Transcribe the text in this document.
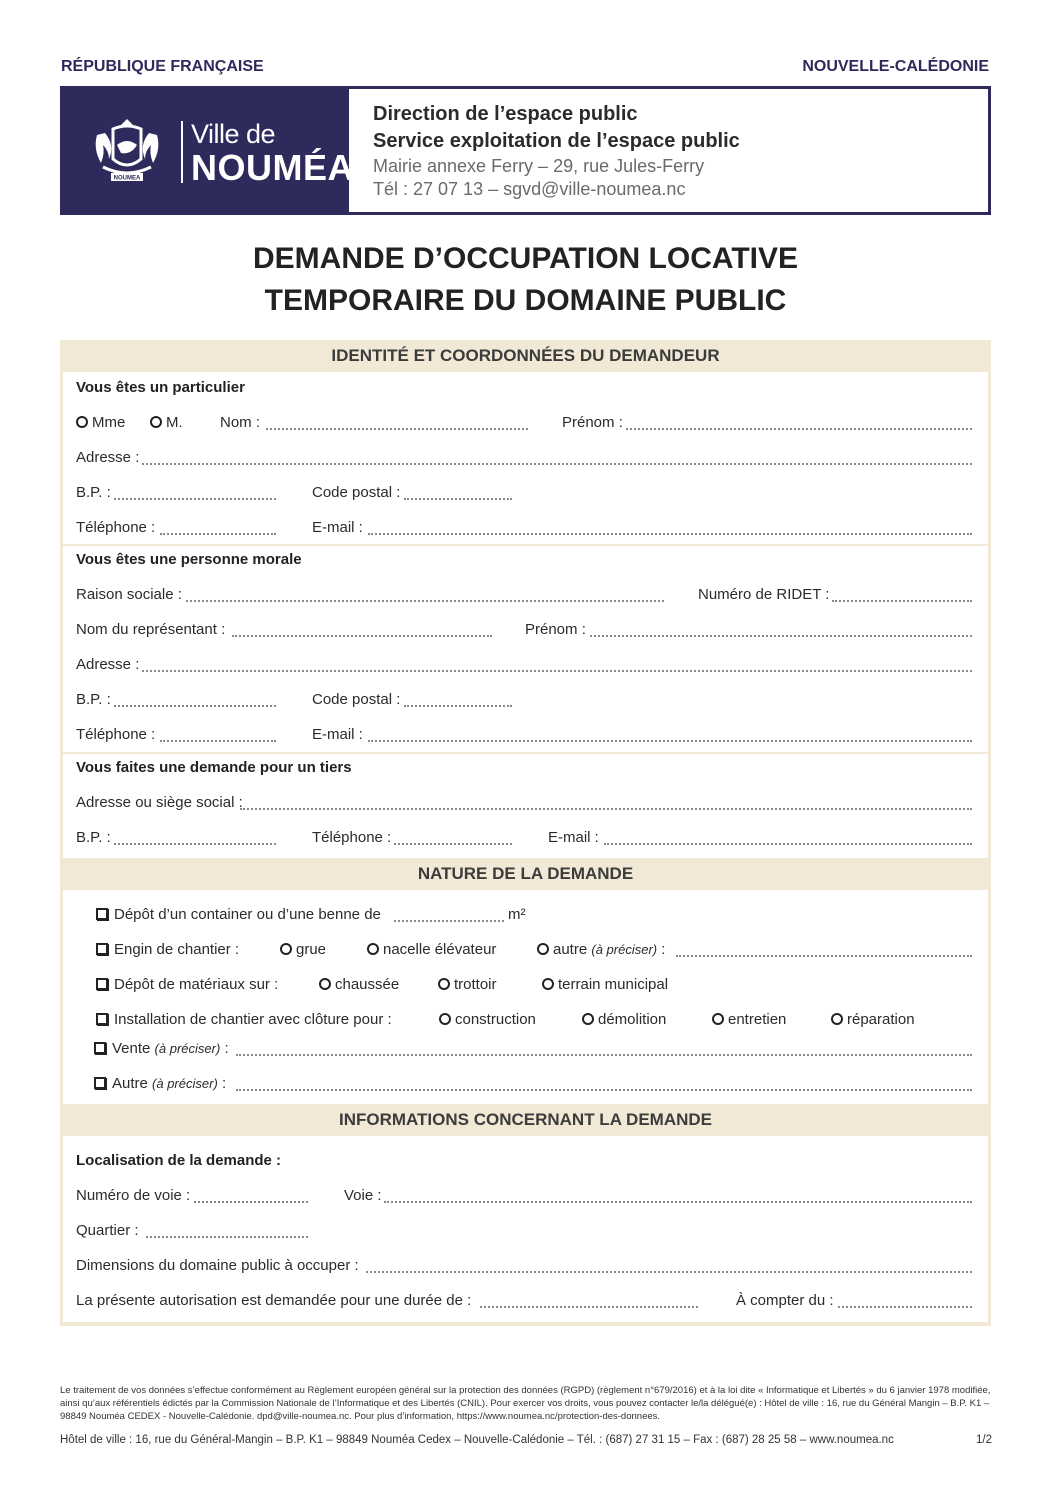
RÉPUBLIQUE FRANÇAISE	NOUVELLE-CALÉDONIE
NOUMEA
Ville de
NOUMÉA
Direction de l’espace public
Service exploitation de l’espace public
Mairie annexe Ferry – 29, rue Jules-Ferry
Tél : 27 07 13 – sgvd@ville-noumea.nc
DEMANDE D’OCCUPATION LOCATIVE
TEMPORAIRE DU DOMAINE PUBLIC
IDENTITÉ ET COORDONNÉES DU DEMANDEUR
Vous êtes un particulier
Mme	M. Nom :	Prénom :
Adresse :
B.P. :	Code postal :
Téléphone :	E-mail :
Vous êtes une personne morale
Raison sociale :	Numéro de RIDET :
Nom du représentant :	Prénom :
Adresse :
B.P. :	Code postal :
Téléphone :	E-mail :
Vous faites une demande pour un tiers
Adresse ou siège social :
B.P. :	Téléphone :	E-mail :
NATURE DE LA DEMANDE
Dépôt d’un container ou d’une benne de	m²
Engin de chantier :	grue	nacelle élévateur	autre (à préciser) :
Dépôt de matériaux sur :	chaussée	trottoir	terrain municipal
Installation de chantier avec clôture pour :	construction	démolition	entretien	réparation
Vente (à préciser) :
Autre (à préciser) :
INFORMATIONS CONCERNANT LA DEMANDE
Localisation de la demande :
Numéro de voie :	Voie :
Quartier :
Dimensions du domaine public à occuper :
La présente autorisation est demandée pour une durée de :	À compter du :
Le traitement de vos données s’effectue conformément au Règlement européen général sur la protection des données (RGPD) (règlement n°679/2016) et à la loi dite « Informatique et Libertés » du 6 janvier 1978 modifiée, ainsi qu’aux référentiels édictés par la Commission Nationale de l’Informatique et des Libertés (CNIL). Pour exercer vos droits, vous pouvez contacter le/la délégué(e) : Hôtel de ville : 16, rue du Général Mangin – B.P. K1 – 98849 Nouméa CEDEX - Nouvelle-Calédonie. dpd@ville-noumea.nc. Pour plus d’information, https://www.noumea.nc/protection-des-donnees.
Hôtel de ville : 16, rue du Général-Mangin – B.P. K1 – 98849 Nouméa Cedex – Nouvelle-Calédonie – Tél. : (687) 27 31 15 – Fax : (687) 28 25 58 – www.noumea.nc	1/2
